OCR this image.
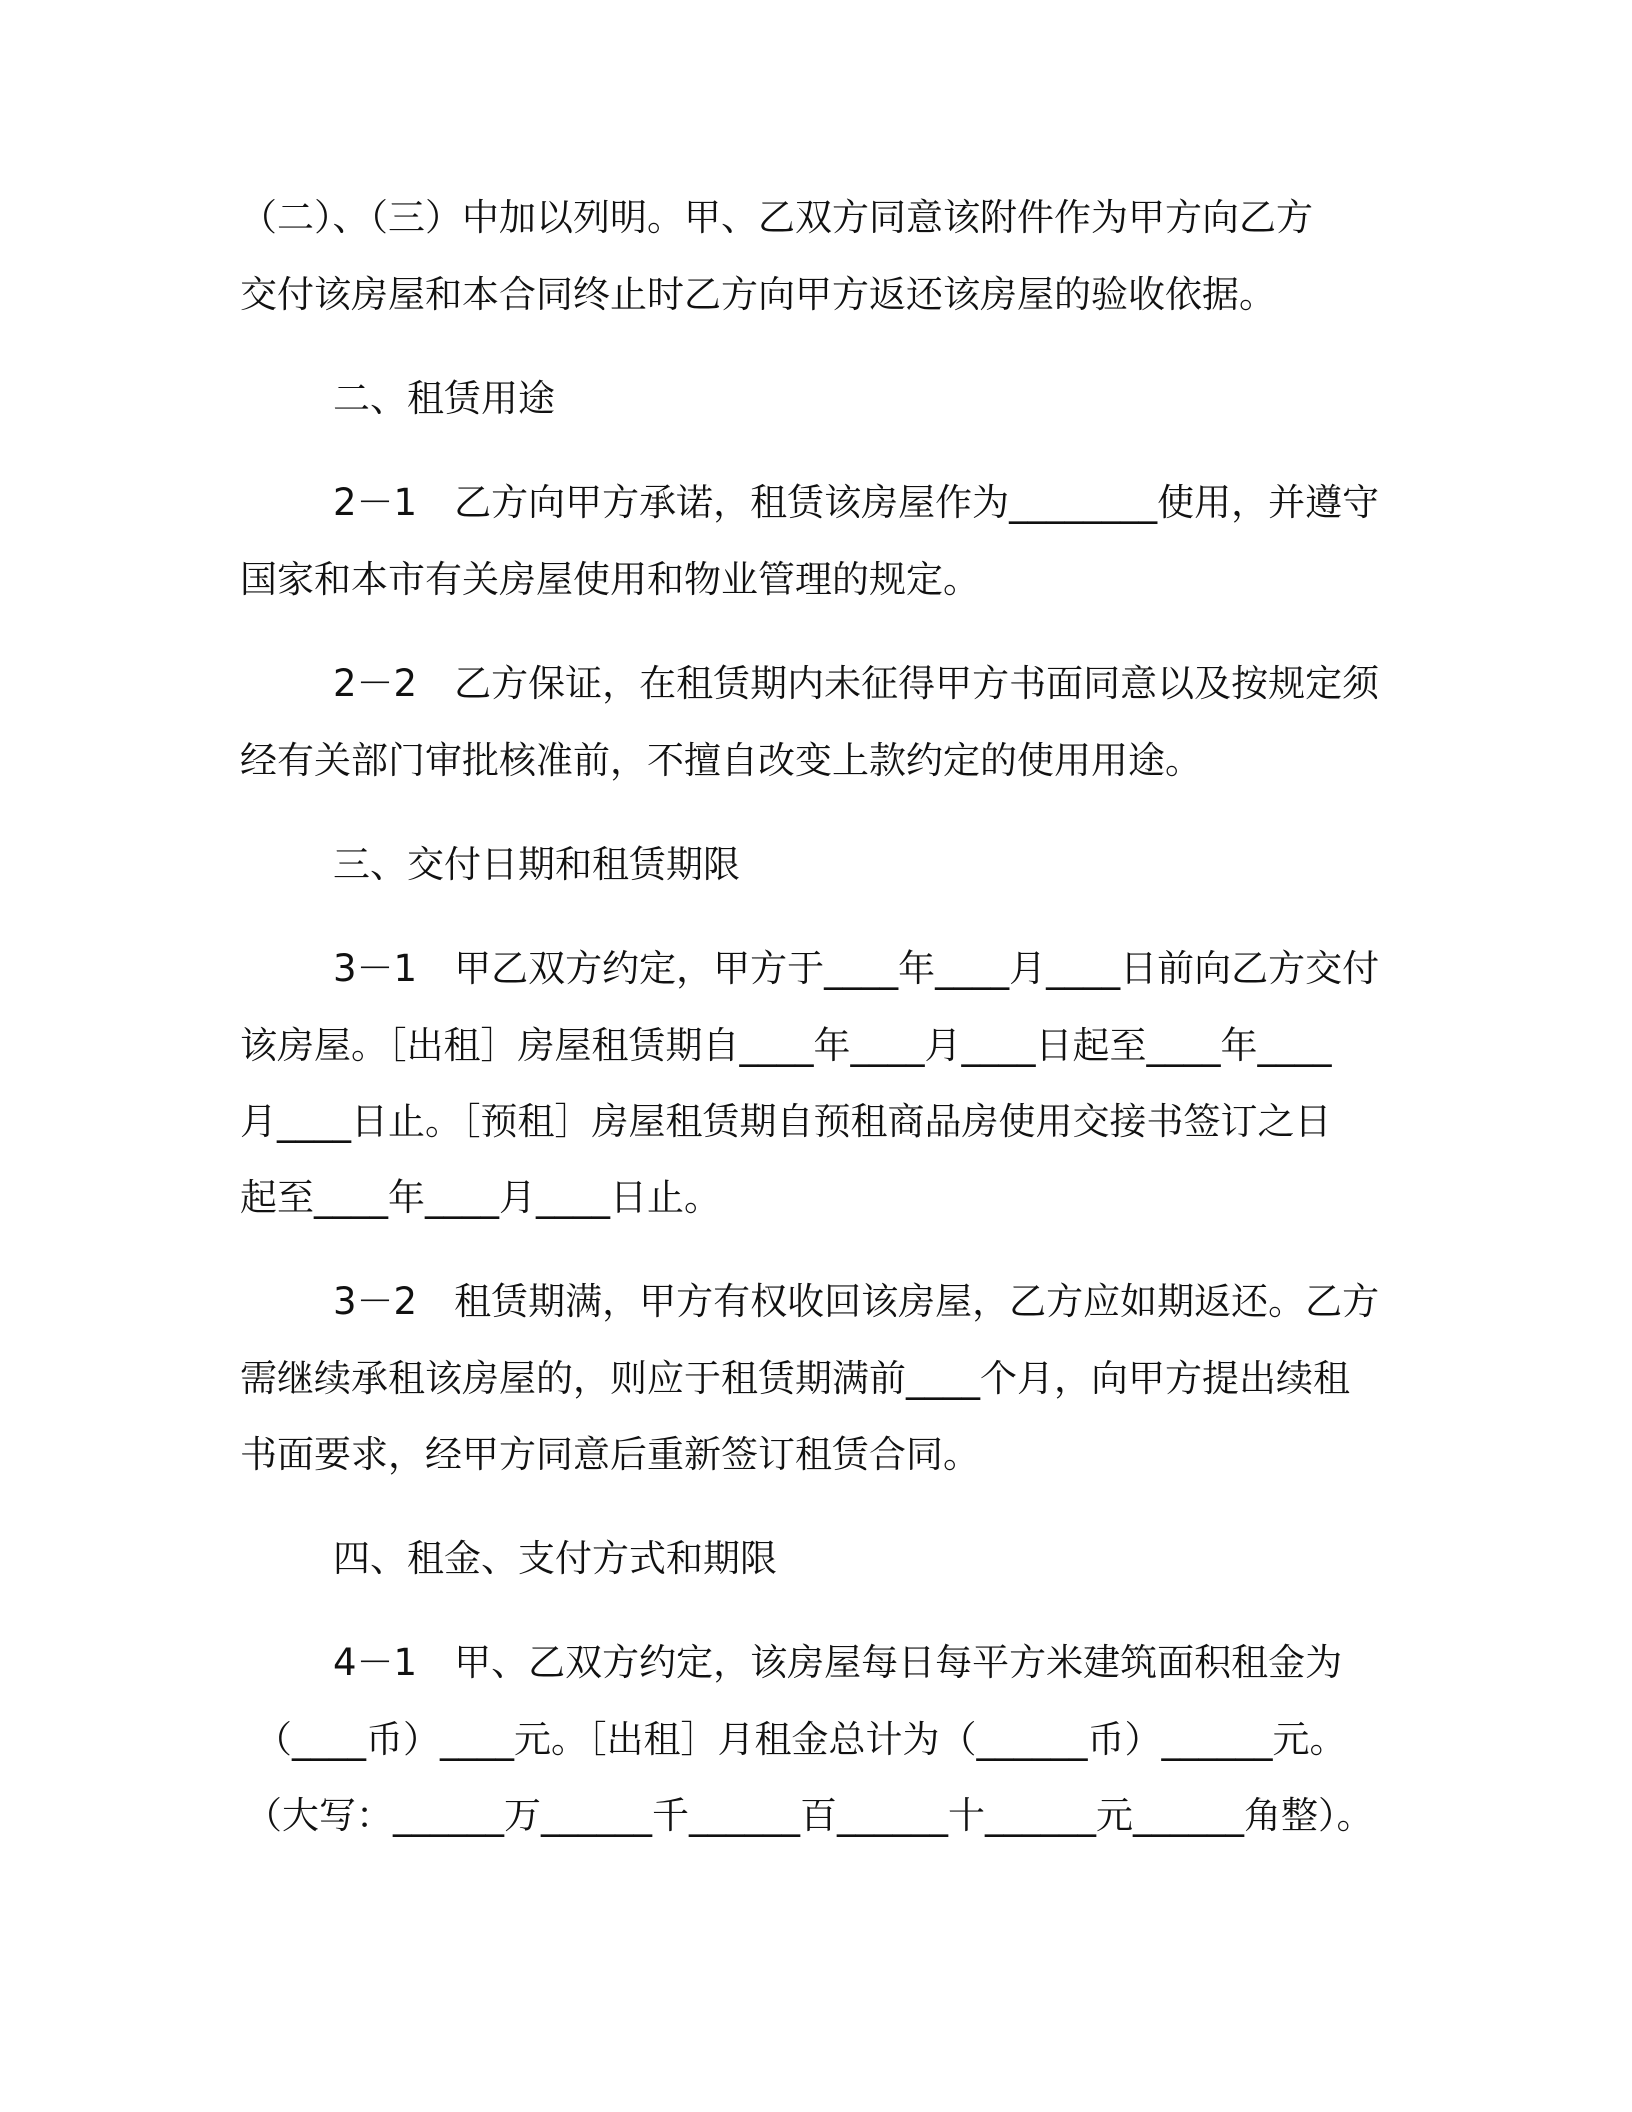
（二）、（三）中加以列明。甲、乙双方同意该附件作为甲方向乙方
交付该房屋和本合同终止时乙方向甲方返还该房屋的验收依据。
二、租赁用途
2－1　乙方向甲方承诺，租赁该房屋作为________使用，并遵守
国家和本市有关房屋使用和物业管理的规定。
2－2　乙方保证，在租赁期内未征得甲方书面同意以及按规定须
经有关部门审批核准前，不擅自改变上款约定的使用用途。
三、交付日期和租赁期限
3－1　甲乙双方约定，甲方于____年____月____日前向乙方交付
该房屋。［出租］房屋租赁期自____年____月____日起至____年____
月____日止。［预租］房屋租赁期自预租商品房使用交接书签订之日
起至____年____月____日止。
3－2　租赁期满，甲方有权收回该房屋，乙方应如期返还。乙方
需继续承租该房屋的，则应于租赁期满前____个月，向甲方提出续租
书面要求，经甲方同意后重新签订租赁合同。
四、租金、支付方式和期限
4－1　甲、乙双方约定，该房屋每日每平方米建筑面积租金为
（____币）____元。［出租］月租金总计为（______币）______元。
（大写：______万______千______百______十______元______角整）。
